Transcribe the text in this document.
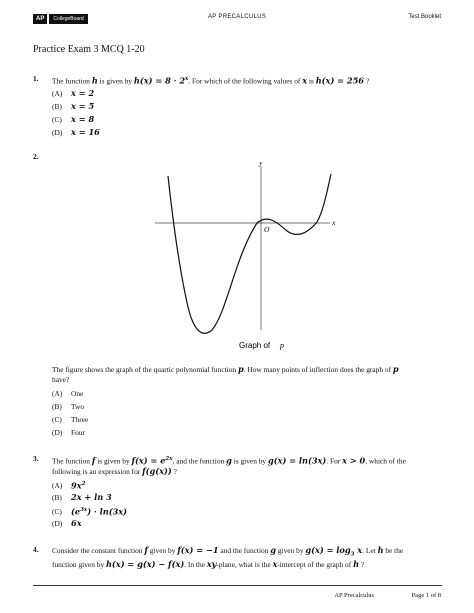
AP	CollegeBoard	AP PRECALCULUS	Test Booklet
Practice Exam 3 MCQ 1-20
1. The function h is given by $h(x) = 8 \cdot 2^x$. For which of the following values of x is h(x) = 256 ?
(A) x = 2
(B) x = 5
(C) x = 8
(D) x = 16
2.
y
x
O
Graph of p
The figure shows the graph of the quartic polynomial function p. How many points of inflection does the graph of p
have?
(A) One
(B) Two
(C) Three
(D) Four
3. The function f is given by $f(x) = e^{2x}$, and the function g is given by g(x) = ln(3x). For x > 0, which of the
following is an expression for f(g(x)) ?
(A) $9x^2$
(B) 2x + ln 3
(C) $(e^{3x}) \cdot \ln(3x)$
(D) 6x
4. Consider the constant function f given by f(x) = −1 and the function g given by $g(x) = \log_3 x$. Let h be the
function given by h(x) = g(x) − f(x). In the xy-plane, what is the x-intercept of the graph of h ?
AP Precalculus	Page 1 of 8
